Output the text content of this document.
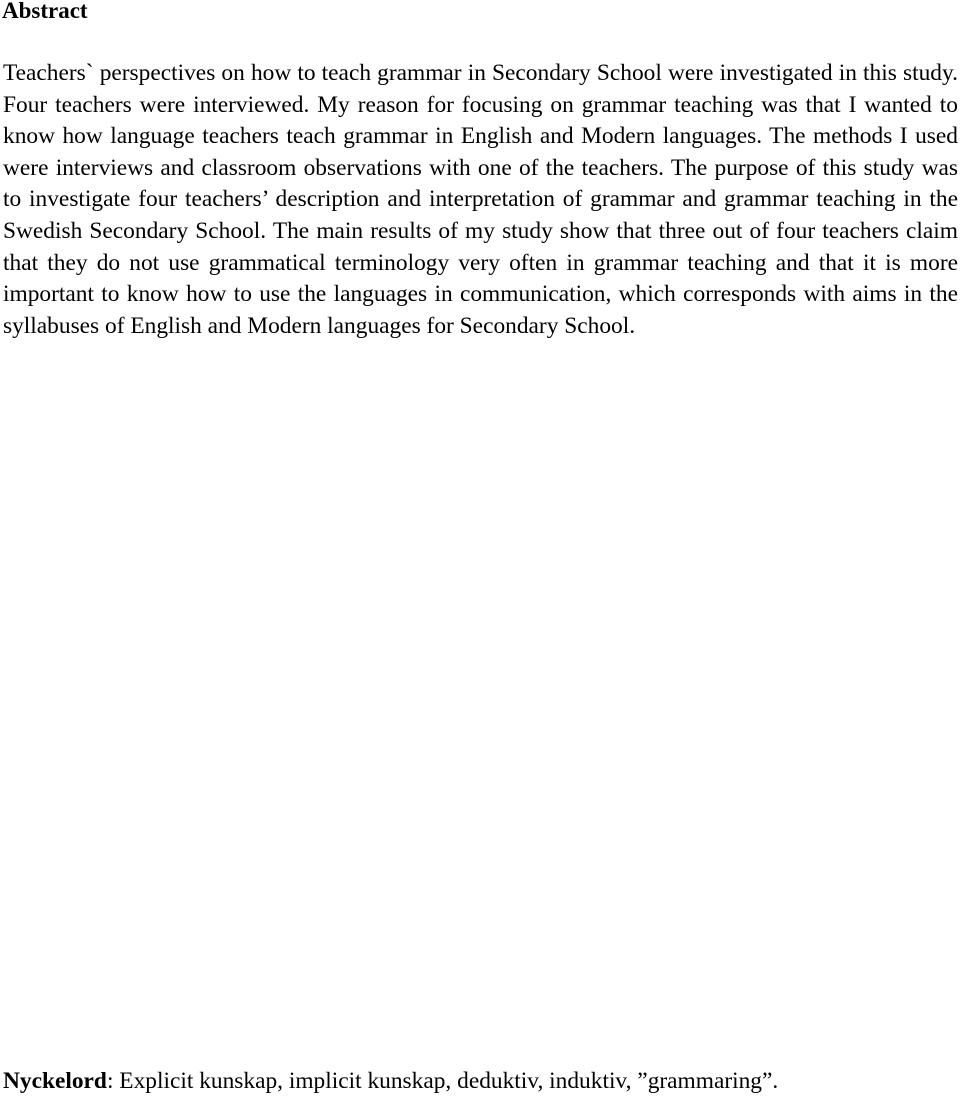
Abstract

Teachers` perspectives on how to teach grammar in Secondary School were investigated in this study. Four teachers were interviewed. My reason for focusing on grammar teaching was that I wanted to know how language teachers teach grammar in English and Modern languages. The methods I used were interviews and classroom observations with one of the teachers. The purpose of this study was to investigate four teachers’ description and interpretation of grammar and grammar teaching in the Swedish Secondary School. The main results of my study show that three out of four teachers claim that they do not use grammatical terminology very often in grammar teaching and that it is more important to know how to use the languages in communication, which corresponds with aims in the syllabuses of English and Modern languages for Secondary School.

Nyckelord: Explicit kunskap, implicit kunskap, deduktiv, induktiv, ”grammaring”.
